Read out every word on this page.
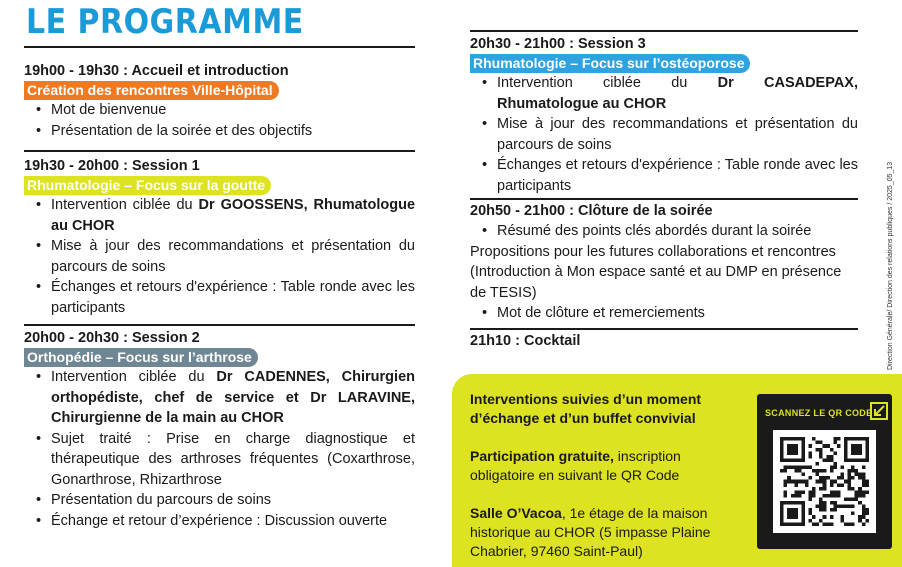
LE PROGRAMME
19h00 - 19h30 : Accueil et introduction
Création des rencontres Ville-Hôpital
• Mot de bienvenue
• Présentation de la soirée et des objectifs
19h30 - 20h00 : Session 1
Rhumatologie – Focus sur la goutte
• Intervention ciblée du Dr GOOSSENS, Rhumatologue au CHOR
• Mise à jour des recommandations et présentation du parcours de soins
• Échanges et retours d'expérience : Table ronde avec les participants
20h00 - 20h30 : Session 2
Orthopédie – Focus sur l’arthrose
• Intervention ciblée du Dr CADENNES, Chirurgien orthopédiste, chef de service et Dr LARAVINE, Chirurgienne de la main au CHOR
• Sujet traité : Prise en charge diagnostique et thérapeutique des arthroses fréquentes (Coxarthrose, Gonarthrose, Rhizarthrose
• Présentation du parcours de soins
• Échange et retour d’expérience : Discussion ouverte
20h30 - 21h00 : Session 3
Rhumatologie – Focus sur l’ostéoporose
• Intervention ciblée du Dr CASADEPAX, Rhumatologue au CHOR
• Mise à jour des recommandations et présentation du parcours de soins
• Échanges et retours d'expérience : Table ronde avec les participants
20h50 - 21h00 : Clôture de la soirée
• Résumé des points clés abordés durant la soirée
Propositions pour les futures collaborations et rencontres (Introduction à Mon espace santé et au DMP en présence de TESIS)
• Mot de clôture et remerciements
21h10 : Cocktail	Direction Générale/ Direction des relations publiques / 2025_05_13

Interventions suivies d’un moment d’échange et d’un buffet convivial

Participation gratuite, inscription obligatoire en suivant le QR Code

Salle O’Vacoa, 1e étage de la maison historique au CHOR (5 impasse Plaine Chabrier, 97460 Saint-Paul)

SCANNEZ LE QR CODE
